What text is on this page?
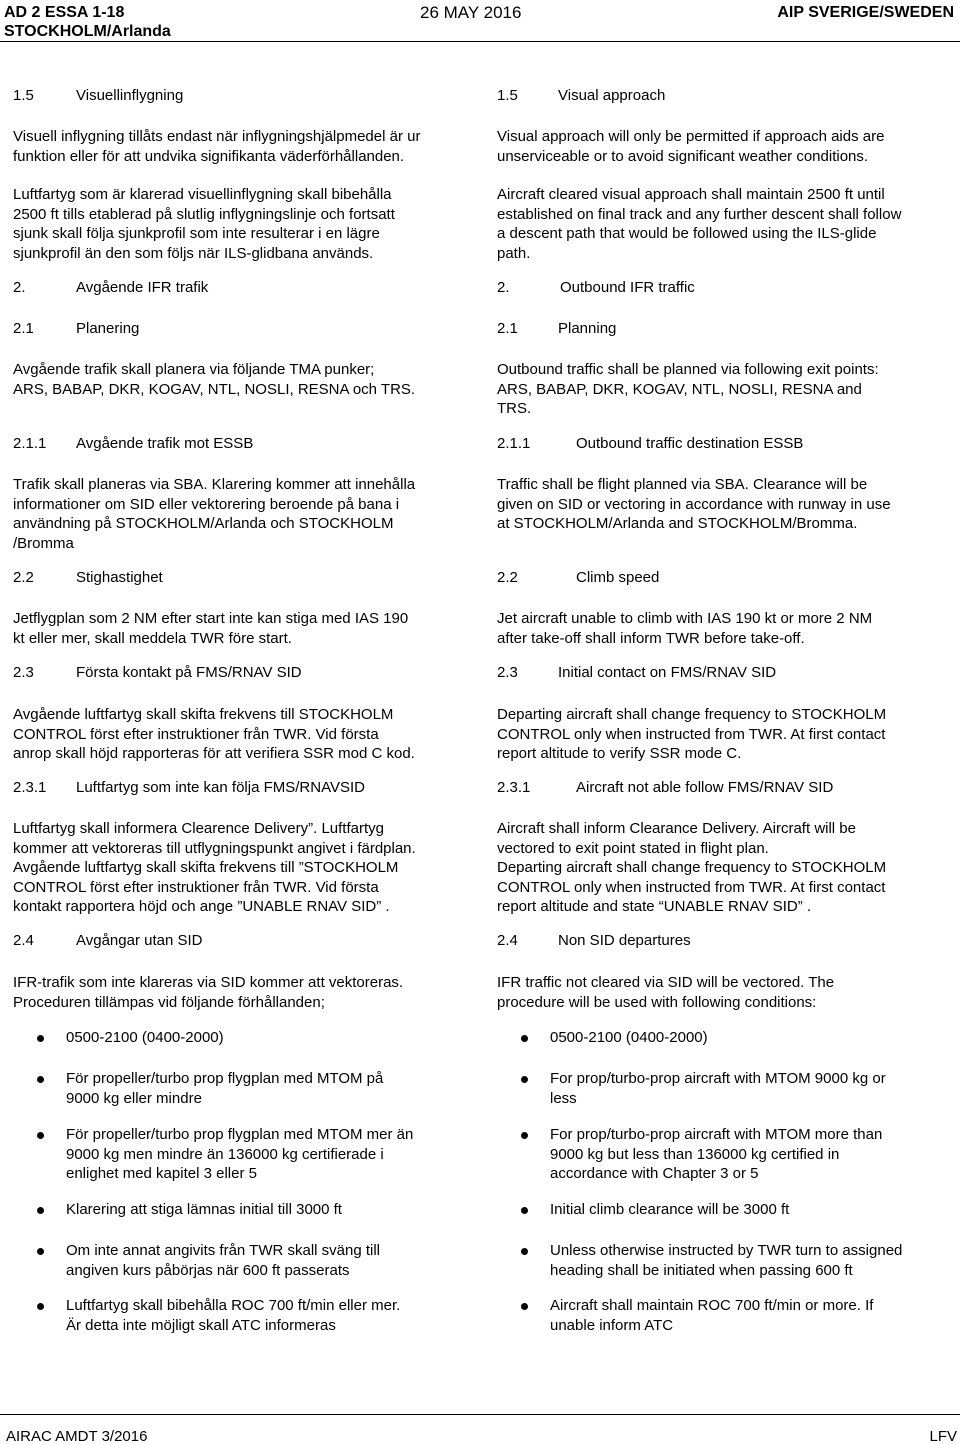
AD 2 ESSA 1-18
STOCKHOLM/Arlanda
26 MAY 2016	AIP SVERIGE/SWEDEN
1.5	Visuellinflygning
Visuell inflygning tillåts endast när inflygningshjälpmedel är ur
funktion eller för att undvika signifikanta väderförhållanden.
Luftfartyg som är klarerad visuellinflygning skall bibehålla
2500 ft tills etablerad på slutlig inflygningslinje och fortsatt
sjunk skall följa sjunkprofil som inte resulterar i en lägre
sjunkprofil än den som följs när ILS-glidbana används.
2.	Avgående IFR trafik
2.1	Planering
Avgående trafik skall planera via följande TMA punker;
ARS, BABAP, DKR, KOGAV, NTL, NOSLI, RESNA och TRS.
2.1.1 Avgående trafik mot ESSB
Trafik skall planeras via SBA. Klarering kommer att innehålla
informationer om SID eller vektorering beroende på bana i
användning på STOCKHOLM/Arlanda och STOCKHOLM
/Bromma
2.2	Stighastighet
Jetflygplan som 2 NM efter start inte kan stiga med IAS 190
kt eller mer, skall meddela TWR före start.
2.3	Första kontakt på FMS/RNAV SID
Avgående luftfartyg skall skifta frekvens till STOCKHOLM
CONTROL först efter instruktioner från TWR. Vid första
anrop skall höjd rapporteras för att verifiera SSR mod C kod.
2.3.1 Luftfartyg som inte kan följa FMS/RNAVSID
Luftfartyg skall informera Clearence Delivery”. Luftfartyg
kommer att vektoreras till utflygningspunkt angivet i färdplan.
Avgående luftfartyg skall skifta frekvens till ”STOCKHOLM
CONTROL först efter instruktioner från TWR. Vid första
kontakt rapportera höjd och ange ”UNABLE RNAV SID” .
2.4	Avgångar utan SID
IFR-trafik som inte klareras via SID kommer att vektoreras.
Proceduren tillämpas vid följande förhållanden;
0500-2100 (0400-2000)
För propeller/turbo prop flygplan med MTOM på
9000 kg eller mindre
För propeller/turbo prop flygplan med MTOM mer än
9000 kg men mindre än 136000 kg certifierade i
enlighet med kapitel 3 eller 5
Klarering att stiga lämnas initial till 3000 ft
Om inte annat angivits från TWR skall sväng till
angiven kurs påbörjas när 600 ft passerats
Luftfartyg skall bibehålla ROC 700 ft/min eller mer.
Är detta inte möjligt skall ATC informeras
1.5	Visual approach
Visual approach will only be permitted if approach aids are
unserviceable or to avoid significant weather conditions.
Aircraft cleared visual approach shall maintain 2500 ft until
established on final track and any further descent shall follow
a descent path that would be followed using the ILS-glide
path.
2.	Outbound IFR traffic
2.1	Planning
Outbound traffic shall be planned via following exit points:
ARS, BABAP, DKR, KOGAV, NTL, NOSLI, RESNA and
TRS.
2.1.1	Outbound traffic destination ESSB
Traffic shall be flight planned via SBA. Clearance will be
given on SID or vectoring in accordance with runway in use
at STOCKHOLM/Arlanda and STOCKHOLM/Bromma.
2.2	Climb speed
Jet aircraft unable to climb with IAS 190 kt or more 2 NM
after take-off shall inform TWR before take-off.
2.3	Initial contact on FMS/RNAV SID
Departing aircraft shall change frequency to STOCKHOLM
CONTROL only when instructed from TWR. At first contact
report altitude to verify SSR mode C.
2.3.1	Aircraft not able follow FMS/RNAV SID
Aircraft shall inform Clearance Delivery. Aircraft will be
vectored to exit point stated in flight plan.
Departing aircraft shall change frequency to STOCKHOLM
CONTROL only when instructed from TWR. At first contact
report altitude and state “UNABLE RNAV SID” .
2.4	Non SID departures
IFR traffic not cleared via SID will be vectored. The
procedure will be used with following conditions:
0500-2100 (0400-2000)
For prop/turbo-prop aircraft with MTOM 9000 kg or
less
For prop/turbo-prop aircraft with MTOM more than
9000 kg but less than 136000 kg certified in
accordance with Chapter 3 or 5
Initial climb clearance will be 3000 ft
Unless otherwise instructed by TWR turn to assigned
heading shall be initiated when passing 600 ft
Aircraft shall maintain ROC 700 ft/min or more. If
unable inform ATC
AIRAC AMDT 3/2016	LFV
